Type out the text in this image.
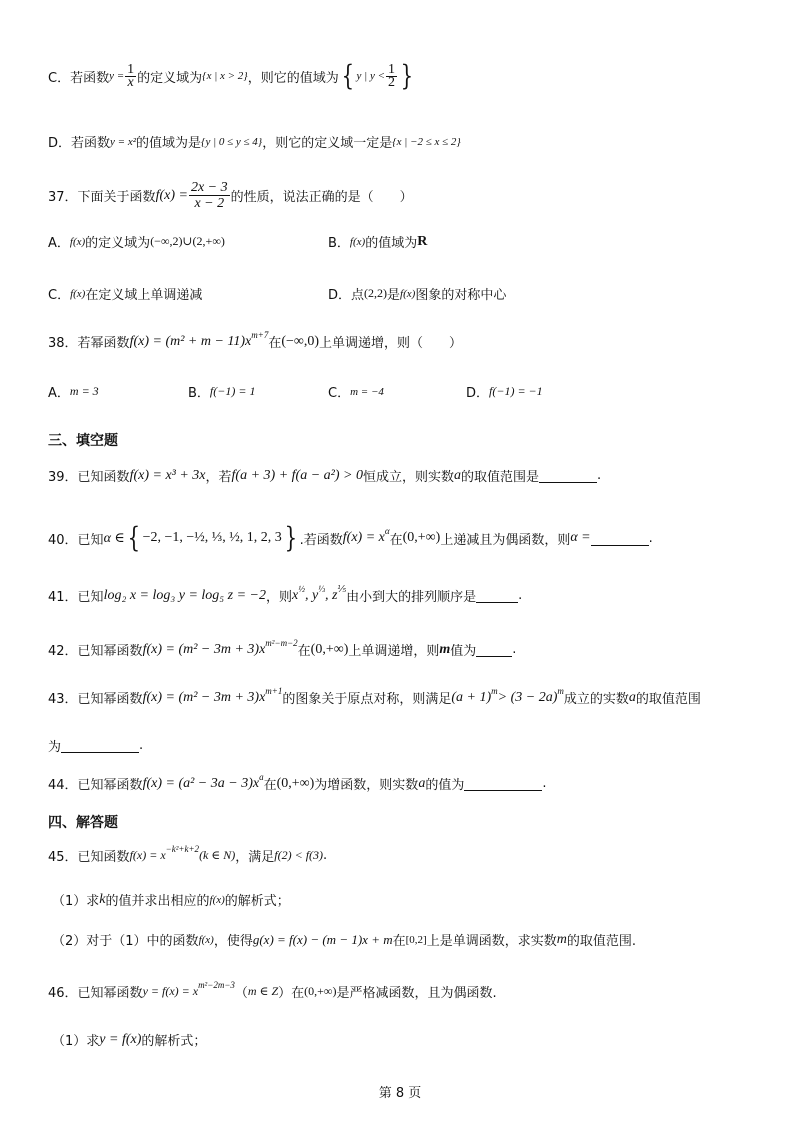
C． 若函数 $y = \frac{1}{x}$ 的定义域为 {x | x > 2} ，则它的值域为 { y | $y < \frac{1}{2}$ }
D． 若函数 y = x² 的值域为是 {y | 0 ≤ y ≤ 4} ，则它的定义域一定是 {x | −2 ≤ x ≤ 2}
37． 下面关于函数 $f(x) = \frac{2x - 3}{x - 2}$ 的性质，说法正确的是（　　）
A． f(x) 的定义域为 (−∞,2)∪(2,+∞)	B． f(x) 的值域为 R
C． f(x) 在定义域上单调递减	D． 点 (2,2) 是 f(x) 图象的对称中心
38． 若幂函数 f(x) = (m² + m − 11)x m+7
在 (−∞,0) 上单调递增，则（　　）
A． m = 3	B． f(−1) = 1	C． m = −4	D． f(−1) = −1
三、填空题
39． 已知函数 f(x) = x³ + 3x ，若 f(a + 3) + f(a − a²) > 0 恒成立，则实数 a 的取值范围是	.
40． 已知 α ∈ { −2, −1, −½, ⅓, ½, 1, 2, 3 } .若函数 f(x) = x α
在 (0,+∞) 上递减且为偶函数，则 α =	.
41． 已知 log₂ x = log₃ y = log₅ z = −2 ，则 $x^{\frac{1}{2}}$, $y^{\frac{1}{3}}$, $z^{\frac{1}{5}}$
由小到大的排列顺序是	.
42． 已知幂函数 f(x) = (m² − 3m + 3)x m²−m−2
在 (0,+∞) 上单调递增，则 m 值为	.
43． 已知幂函数 f(x) = (m² − 3m + 3)x m+1
的图象关于原点对称，则满足 (a + 1) m > (3 − 2a) m
成立的实数 a 的取值范围
为	.
44． 已知幂函数 f(x) = (a² − 3a − 3)x a
在 (0,+∞) 为增函数，则实数 a 的值为	.
四、解答题
45． 已知函数 f(x) = x −k²+k+2 (k ∈ N) ，满足 f(2) < f(3) .
（1） 求 k 的值并求出相应的 f(x) 的解析式；
（2） 对于（1）中的函数 f(x) ，使得 g(x) = f(x) − (m − 1)x + m 在 [0,2] 上是单调函数，求实数 m 的取值范围.
46． 已知幂函数 y = f(x) = x m²−2m−3
（ m ∈ Z ）在 (0,+∞) 是严格减函数，且为偶函数.
（1） 求 y = f(x) 的解析式；
第 8 页
